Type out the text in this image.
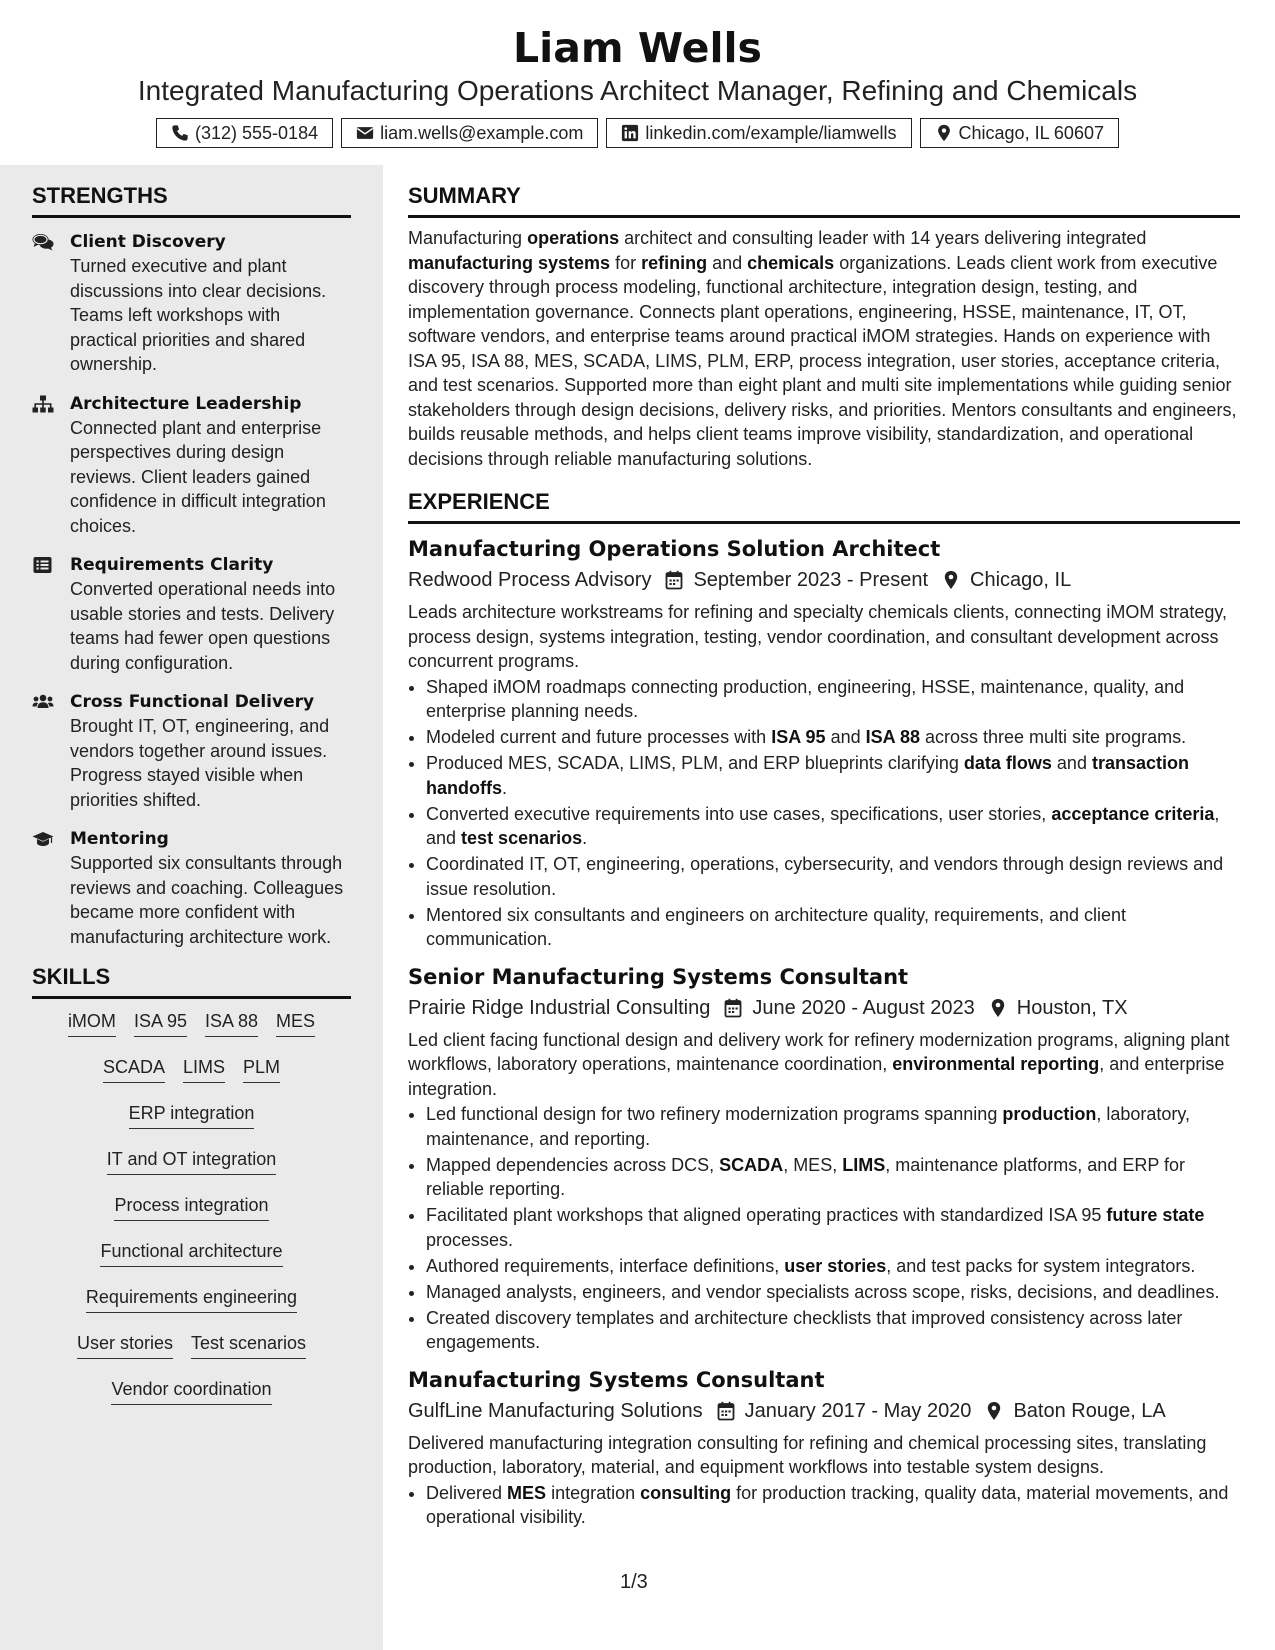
Liam Wells
Integrated Manufacturing Operations Architect Manager, Refining and Chemicals
(312) 555-0184	liam.wells@example.com	linkedin.com/example/liamwells	Chicago, IL 60607
STRENGTHS
Client Discovery
Turned executive and plant discussions into clear decisions. Teams left workshops with practical priorities and shared ownership.
Architecture Leadership
Connected plant and enterprise perspectives during design reviews. Client leaders gained confidence in difficult integration choices.
Requirements Clarity
Converted operational needs into usable stories and tests. Delivery teams had fewer open questions during configuration.
Cross Functional Delivery
Brought IT, OT, engineering, and vendors together around issues. Progress stayed visible when priorities shifted.
Mentoring
Supported six consultants through reviews and coaching. Colleagues became more confident with manufacturing architecture work.
SKILLS
iMOM ISA 95 ISA 88 MES
SCADA LIMS PLM
ERP integration
IT and OT integration
Process integration
Functional architecture
Requirements engineering
User stories Test scenarios
Vendor coordination
SUMMARY
Manufacturing operations architect and consulting leader with 14 years delivering integrated manufacturing systems for refining and chemicals organizations. Leads client work from executive discovery through process modeling, functional architecture, integration design, testing, and implementation governance. Connects plant operations, engineering, HSSE, maintenance, IT, OT, software vendors, and enterprise teams around practical iMOM strategies. Hands on experience with ISA 95, ISA 88, MES, SCADA, LIMS, PLM, ERP, process integration, user stories, acceptance criteria, and test scenarios. Supported more than eight plant and multi site implementations while guiding senior stakeholders through design decisions, delivery risks, and priorities. Mentors consultants and engineers, builds reusable methods, and helps client teams improve visibility, standardization, and operational decisions through reliable manufacturing solutions.
EXPERIENCE
Manufacturing Operations Solution Architect
Redwood Process Advisory September 2023 - Present Chicago, IL
Leads architecture workstreams for refining and specialty chemicals clients, connecting iMOM strategy, process design, systems integration, testing, vendor coordination, and consultant development across concurrent programs.
• Shaped iMOM roadmaps connecting production, engineering, HSSE, maintenance, quality, and enterprise planning needs.
• Modeled current and future processes with ISA 95 and ISA 88 across three multi site programs.
• Produced MES, SCADA, LIMS, PLM, and ERP blueprints clarifying data flows and transaction handoffs.
• Converted executive requirements into use cases, specifications, user stories, acceptance criteria, and test scenarios.
• Coordinated IT, OT, engineering, operations, cybersecurity, and vendors through design reviews and issue resolution.
• Mentored six consultants and engineers on architecture quality, requirements, and client communication.
Senior Manufacturing Systems Consultant
Prairie Ridge Industrial Consulting June 2020 - August 2023 Houston, TX
Led client facing functional design and delivery work for refinery modernization programs, aligning plant workflows, laboratory operations, maintenance coordination, environmental reporting, and enterprise integration.
• Led functional design for two refinery modernization programs spanning production, laboratory, maintenance, and reporting.
• Mapped dependencies across DCS, SCADA, MES, LIMS, maintenance platforms, and ERP for reliable reporting.
• Facilitated plant workshops that aligned operating practices with standardized ISA 95 future state processes.
• Authored requirements, interface definitions, user stories, and test packs for system integrators.
• Managed analysts, engineers, and vendor specialists across scope, risks, decisions, and deadlines.
• Created discovery templates and architecture checklists that improved consistency across later engagements.
Manufacturing Systems Consultant
GulfLine Manufacturing Solutions January 2017 - May 2020 Baton Rouge, LA
Delivered manufacturing integration consulting for refining and chemical processing sites, translating production, laboratory, material, and equipment workflows into testable system designs.
• Delivered MES integration consulting for production tracking, quality data, material movements, and operational visibility.
1/3
